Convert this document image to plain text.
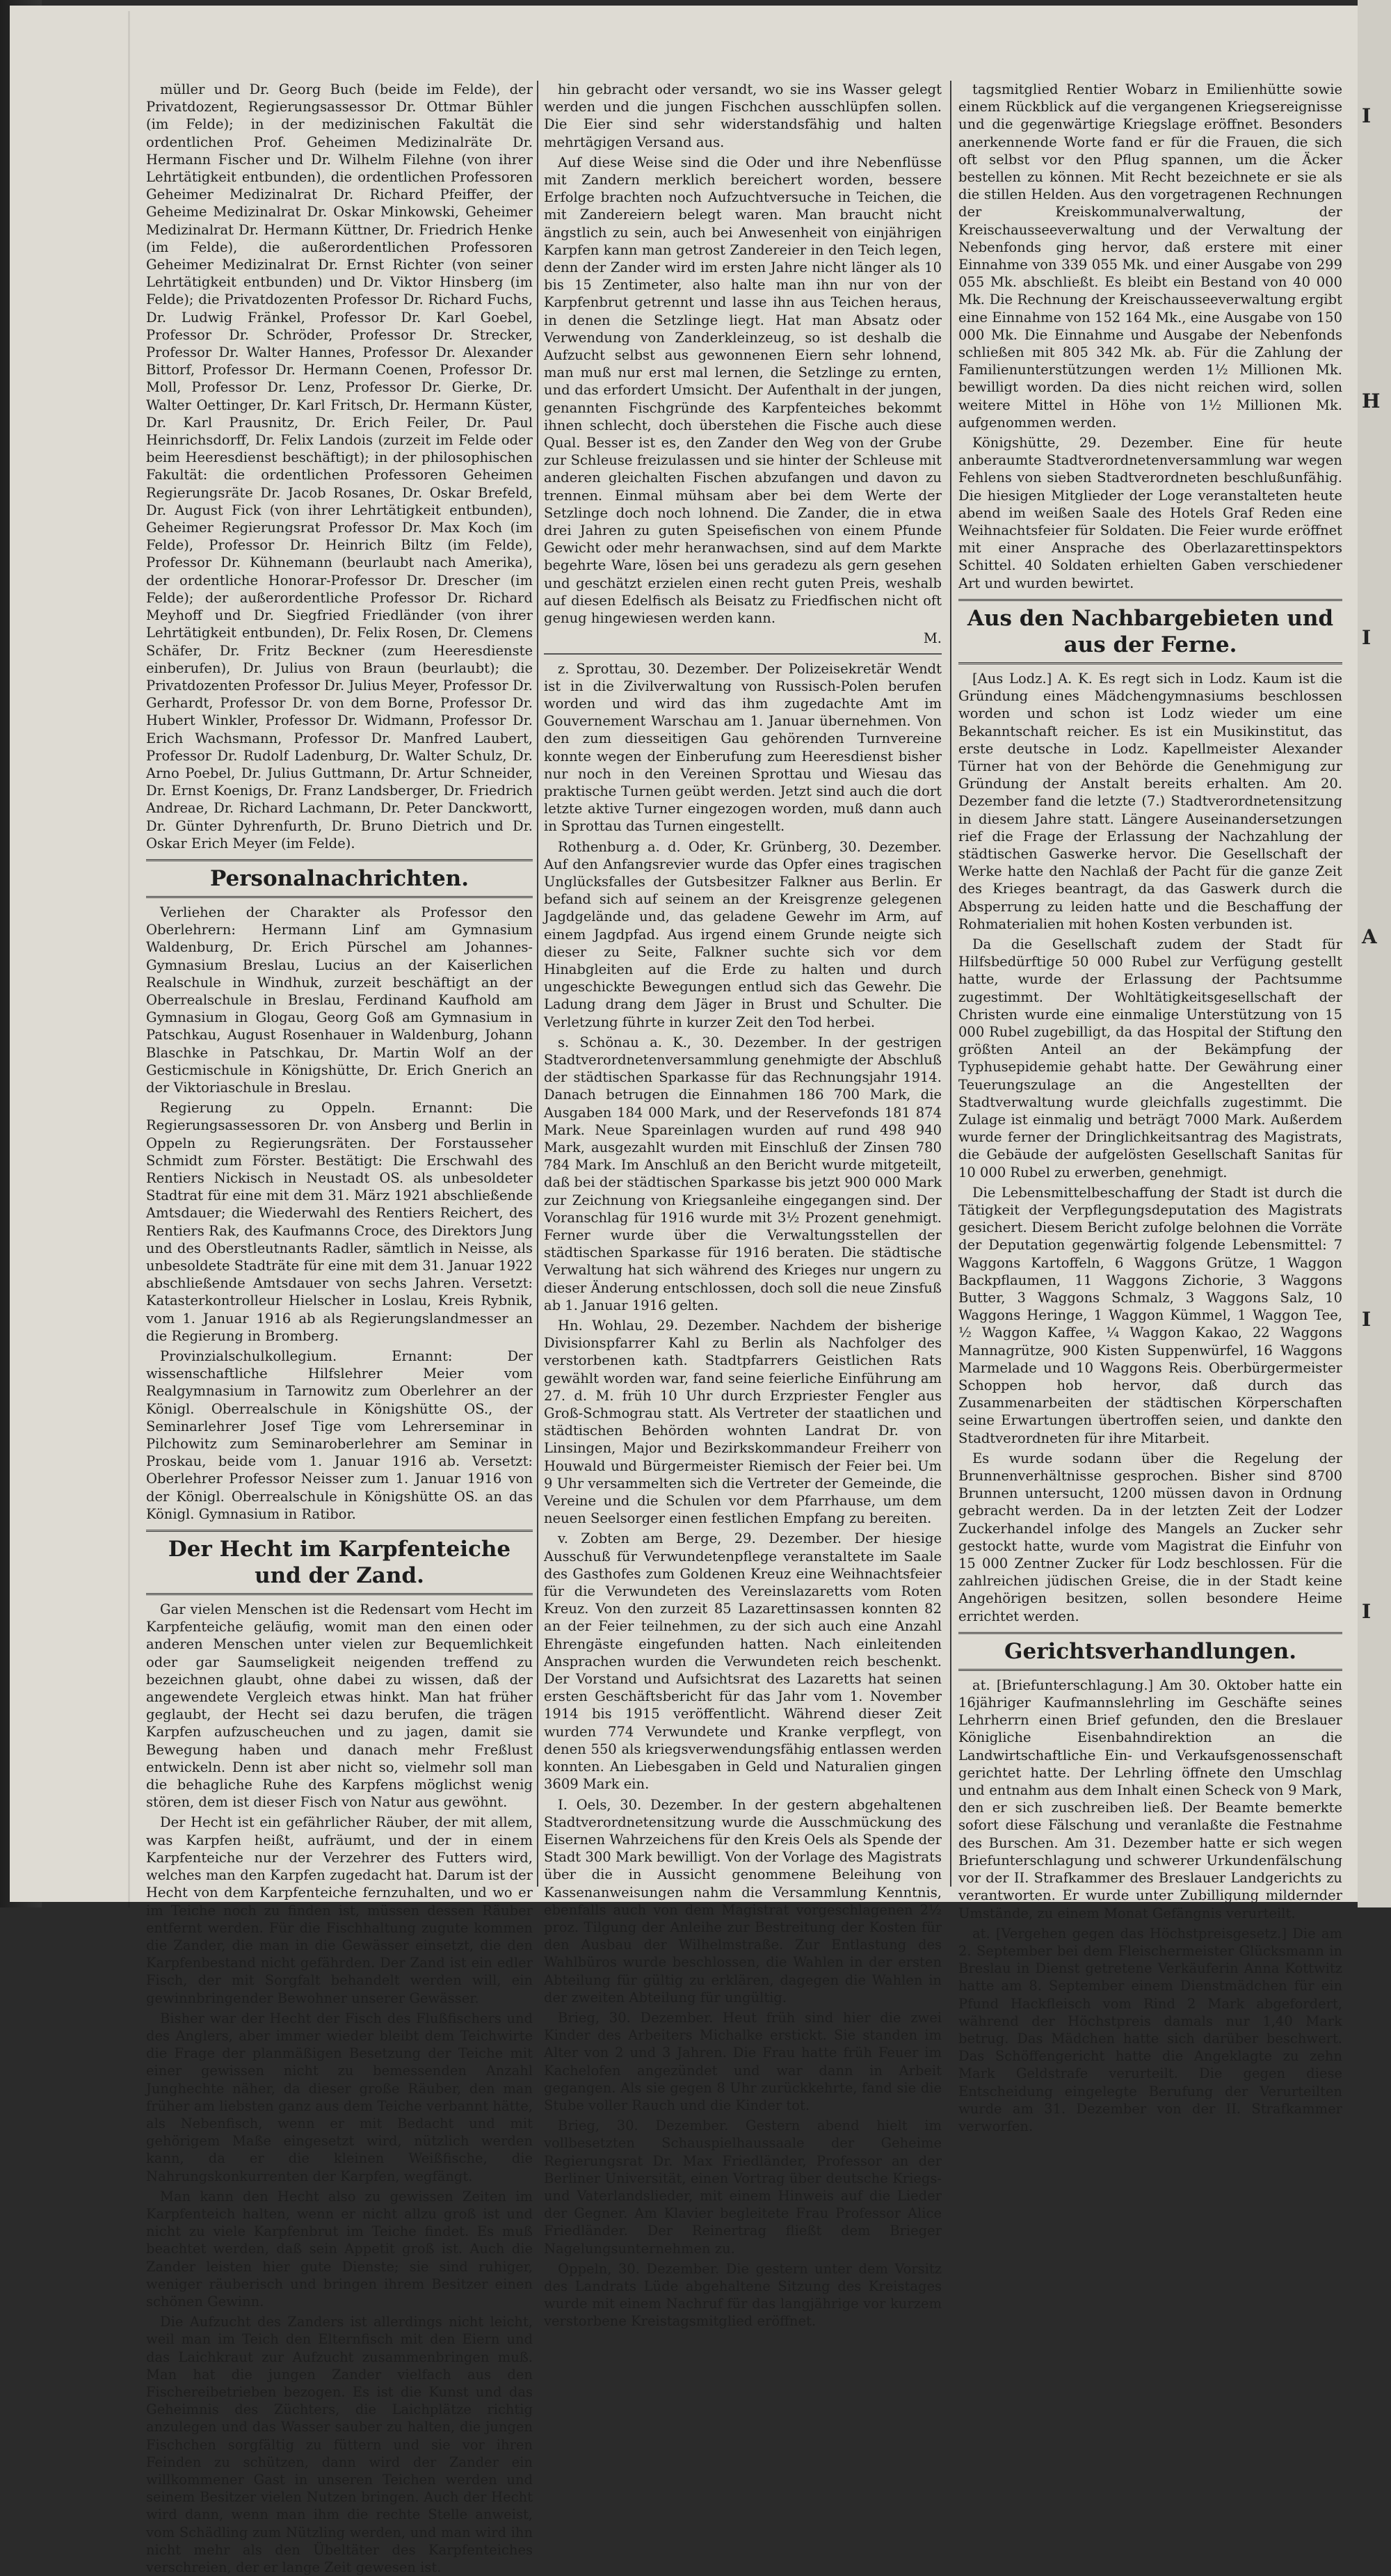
müller und Dr. Georg Buch (beide im Felde), der Privatdozent, Regierungsassessor Dr. Ottmar Bühler (im Felde); in der medizinischen Fakultät die ordentlichen Prof. Geheimen Medizinalräte Dr. Hermann Fischer und Dr. Wilhelm Filehne (von ihrer Lehrtätigkeit entbunden), die ordentlichen Professoren Geheimer Medizinalrat Dr. Richard Pfeiffer, der Geheime Medizinalrat Dr. Oskar Minkowski, Geheimer Medizinalrat Dr. Hermann Küttner, Dr. Friedrich Henke (im Felde), die außerordentlichen Professoren Geheimer Medizinalrat Dr. Ernst Richter (von seiner Lehrtätigkeit entbunden) und Dr. Viktor Hinsberg (im Felde); die Privatdozenten Professor Dr. Richard Fuchs, Dr. Ludwig Fränkel, Professor Dr. Karl Goebel, Professor Dr. Schröder, Professor Dr. Strecker, Professor Dr. Walter Hannes, Professor Dr. Alexander Bittorf, Professor Dr. Hermann Coenen, Professor Dr. Moll, Professor Dr. Lenz, Professor Dr. Gierke, Dr. Walter Oettinger, Dr. Karl Fritsch, Dr. Hermann Küster, Dr. Karl Prausnitz, Dr. Erich Feiler, Dr. Paul Heinrichsdorff, Dr. Felix Landois (zurzeit im Felde oder beim Heeresdienst beschäftigt); in der philosophischen Fakultät: die ordentlichen Professoren Geheimen Regierungsräte Dr. Jacob Rosanes, Dr. Oskar Brefeld, Dr. August Fick (von ihrer Lehrtätigkeit entbunden), Geheimer Regierungsrat Professor Dr. Max Koch (im Felde), Professor Dr. Heinrich Biltz (im Felde), Professor Dr. Kühnemann (beurlaubt nach Amerika), der ordentliche Honorar-Professor Dr. Drescher (im Felde); der außerordentliche Professor Dr. Richard Meyhoff und Dr. Siegfried Friedländer (von ihrer Lehrtätigkeit entbunden), Dr. Felix Rosen, Dr. Clemens Schäfer, Dr. Fritz Beckner (zum Heeresdienste einberufen), Dr. Julius von Braun (beurlaubt); die Privatdozenten Professor Dr. Julius Meyer, Professor Dr. Gerhardt, Professor Dr. von dem Borne, Professor Dr. Hubert Winkler, Professor Dr. Widmann, Professor Dr. Erich Wachsmann, Professor Dr. Manfred Laubert, Professor Dr. Rudolf Ladenburg, Dr. Walter Schulz, Dr. Arno Poebel, Dr. Julius Guttmann, Dr. Artur Schneider, Dr. Ernst Koenigs, Dr. Franz Landsberger, Dr. Friedrich Andreae, Dr. Richard Lachmann, Dr. Peter Danckwortt, Dr. Günter Dyhrenfurth, Dr. Bruno Dietrich und Dr. Oskar Erich Meyer (im Felde).

Personalnachrichten.

Verliehen der Charakter als Professor den Oberlehrern: Hermann Linf am Gymnasium Waldenburg, Dr. Erich Pürschel am Johannes-Gymnasium Breslau, Lucius an der Kaiserlichen Realschule in Windhuk, zurzeit beschäftigt an der Oberrealschule in Breslau, Ferdinand Kaufhold am Gymnasium in Glogau, Georg Goß am Gymnasium in Patschkau, August Rosenhauer in Waldenburg, Johann Blaschke in Patschkau, Dr. Martin Wolf an der Gesticmischule in Königshütte, Dr. Erich Gnerich an der Viktoriaschule in Breslau.

Regierung zu Oppeln. Ernannt: Die Regierungsassessoren Dr. von Ansberg und Berlin in Oppeln zu Regierungsräten. Der Forstausseher Schmidt zum Förster. Bestätigt: Die Erschwahl des Rentiers Nickisch in Neustadt OS. als unbesoldeter Stadtrat für eine mit dem 31. März 1921 abschließende Amtsdauer; die Wiederwahl des Rentiers Reichert, des Rentiers Rak, des Kaufmanns Croce, des Direktors Jung und des Oberstleutnants Radler, sämtlich in Neisse, als unbesoldete Stadträte für eine mit dem 31. Januar 1922 abschließende Amtsdauer von sechs Jahren. Versetzt: Katasterkontrolleur Hielscher in Loslau, Kreis Rybnik, vom 1. Januar 1916 ab als Regierungslandmesser an die Regierung in Bromberg.

Provinzialschulkollegium. Ernannt: Der wissenschaftliche Hilfslehrer Meier vom Realgymnasium in Tarnowitz zum Oberlehrer an der Königl. Oberrealschule in Königshütte OS., der Seminarlehrer Josef Tige vom Lehrerseminar in Pilchowitz zum Seminaroberlehrer am Seminar in Proskau, beide vom 1. Januar 1916 ab. Versetzt: Oberlehrer Professor Neisser zum 1. Januar 1916 von der Königl. Oberrealschule in Königshütte OS. an das Königl. Gymnasium in Ratibor.

Der Hecht im Karpfenteiche und der Zand.

Gar vielen Menschen ist die Redensart vom Hecht im Karpfenteiche geläufig, womit man den einen oder anderen Menschen unter vielen zur Bequemlichkeit oder gar Saumseligkeit neigenden treffend zu bezeichnen glaubt, ohne dabei zu wissen, daß der angewendete Vergleich etwas hinkt. Man hat früher geglaubt, der Hecht sei dazu berufen, die trägen Karpfen aufzuscheuchen und zu jagen, damit sie Bewegung haben und danach mehr Freßlust entwickeln. Denn ist aber nicht so, vielmehr soll man die behagliche Ruhe des Karpfens möglichst wenig stören, dem ist dieser Fisch von Natur aus gewöhnt.

Der Hecht ist ein gefährlicher Räuber, der mit allem, was Karpfen heißt, aufräumt, und der in einem Karpfenteiche nur der Verzehrer des Futters wird, welches man den Karpfen zugedacht hat. Darum ist der Hecht von dem Karpfenteiche fernzuhalten, und wo er im Teiche noch zu finden ist, müssen dessen Räuber entfernt werden. Für die Fischhaltung zugute kommen die Zander, die man in die Gewässer einsetzt, die den Karpfenbestand nicht gefährden. Der Zand ist ein edler Fisch, der mit Sorgfalt behandelt werden will, ein gewinnbringender Bewohner unserer Gewässer.

Bisher war der Hecht der Fisch des Flußfischers und des Anglers, aber immer wieder bleibt dem Teichwirte die Frage der planmäßigen Besetzung der Teiche mit einer gewissen nicht zu bemessenden Anzahl Junghechte näher, da dieser große Räuber, den man früher am liebsten ganz aus dem Teiche verbannt hätte, als Nebenfisch, wenn er mit Bedacht und mit gehörigem Maße eingesetzt wird, nützlich werden kann, da er die kleinen Weißfische, die Nahrungskonkurrenten der Karpfen, wegfängt.

Man kann den Hecht also zu gewissen Zeiten im Karpfenteich halten, wenn er nicht allzu groß ist und nicht zu viele Karpfenbrut im Teiche findet. Es muß beachtet werden, daß sein Appetit groß ist. Auch die Zander leisten hier gute Dienste; sie sind ruhiger, weniger räuberisch und bringen ihrem Besitzer einen schönen Gewinn.

Die Aufzucht des Zanders ist allerdings nicht leicht, weil man im Teich den Elternfisch mit den Eiern und das Laichkraut zur Aufzucht zusammenbringen muß. Man hat die jungen Zander vielfach aus den Fischereibetrieben bezogen. Es ist die Kunst und das Geheimnis des Züchters, die Laichplätze richtig anzulegen und das Wasser sauber zu halten, die jungen Fischchen sorgfältig zu füttern und sie vor ihren Feinden zu schützen, dann wird der Zander ein willkommener Gast in unseren Teichen werden und seinem Besitzer vielen Nutzen bringen. Auch der Hecht wird dann, wenn man ihm die rechte Stelle anweist, vom Schädling zum Nützling werden, und man wird ihn nicht mehr als den Übeltäter des Karpfenteiches verschreien, der er lange Zeit gewesen ist.

hin gebracht oder versandt, wo sie ins Wasser gelegt werden und die jungen Fischchen ausschlüpfen sollen. Die Eier sind sehr widerstandsfähig und halten mehrtägigen Versand aus.

Auf diese Weise sind die Oder und ihre Nebenflüsse mit Zandern merklich bereichert worden, bessere Erfolge brachten noch Aufzuchtversuche in Teichen, die mit Zandereiern belegt waren. Man braucht nicht ängstlich zu sein, auch bei Anwesenheit von einjährigen Karpfen kann man getrost Zandereier in den Teich legen, denn der Zander wird im ersten Jahre nicht länger als 10 bis 15 Zentimeter, also halte man ihn nur von der Karpfenbrut getrennt und lasse ihn aus Teichen heraus, in denen die Setzlinge liegt. Hat man Absatz oder Verwendung von Zanderkleinzeug, so ist deshalb die Aufzucht selbst aus gewonnenen Eiern sehr lohnend, man muß nur erst mal lernen, die Setzlinge zu ernten, und das erfordert Umsicht. Der Aufenthalt in der jungen, genannten Fischgründe des Karpfenteiches bekommt ihnen schlecht, doch überstehen die Fische auch diese Qual. Besser ist es, den Zander den Weg von der Grube zur Schleuse freizulassen und sie hinter der Schleuse mit anderen gleichalten Fischen abzufangen und davon zu trennen. Einmal mühsam aber bei dem Werte der Setzlinge doch noch lohnend. Die Zander, die in etwa drei Jahren zu guten Speisefischen von einem Pfunde Gewicht oder mehr heranwachsen, sind auf dem Markte begehrte Ware, lösen bei uns geradezu als gern gesehen und geschätzt erzielen einen recht guten Preis, weshalb auf diesen Edelfisch als Beisatz zu Friedfischen nicht oft genug hingewiesen werden kann.

M.

z. Sprottau, 30. Dezember. Der Polizeisekretär Wendt ist in die Zivilverwaltung von Russisch-Polen berufen worden und wird das ihm zugedachte Amt im Gouvernement Warschau am 1. Januar übernehmen. Von den zum diesseitigen Gau gehörenden Turnvereine konnte wegen der Einberufung zum Heeresdienst bisher nur noch in den Vereinen Sprottau und Wiesau das praktische Turnen geübt werden. Jetzt sind auch die dort letzte aktive Turner eingezogen worden, muß dann auch in Sprottau das Turnen eingestellt.

Rothenburg a. d. Oder, Kr. Grünberg, 30. Dezember. Auf den Anfangsrevier wurde das Opfer eines tragischen Unglücksfalles der Gutsbesitzer Falkner aus Berlin. Er befand sich auf seinem an der Kreisgrenze gelegenen Jagdgelände und, das geladene Gewehr im Arm, auf einem Jagdpfad. Aus irgend einem Grunde neigte sich dieser zu Seite, Falkner suchte sich vor dem Hinabgleiten auf die Erde zu halten und durch ungeschickte Bewegungen entlud sich das Gewehr. Die Ladung drang dem Jäger in Brust und Schulter. Die Verletzung führte in kurzer Zeit den Tod herbei.

s. Schönau a. K., 30. Dezember. In der gestrigen Stadtverordnetenversammlung genehmigte der Abschluß der städtischen Sparkasse für das Rechnungsjahr 1914. Danach betrugen die Einnahmen 186 700 Mark, die Ausgaben 184 000 Mark, und der Reservefonds 181 874 Mark. Neue Spareinlagen wurden auf rund 498 940 Mark, ausgezahlt wurden mit Einschluß der Zinsen 780 784 Mark. Im Anschluß an den Bericht wurde mitgeteilt, daß bei der städtischen Sparkasse bis jetzt 900 000 Mark zur Zeichnung von Kriegsanleihe eingegangen sind. Der Voranschlag für 1916 wurde mit 3½ Prozent genehmigt. Ferner wurde über die Verwaltungsstellen der städtischen Sparkasse für 1916 beraten. Die städtische Verwaltung hat sich während des Krieges nur ungern zu dieser Änderung entschlossen, doch soll die neue Zinsfuß ab 1. Januar 1916 gelten.

Hn. Wohlau, 29. Dezember. Nachdem der bisherige Divisionspfarrer Kahl zu Berlin als Nachfolger des verstorbenen kath. Stadtpfarrers Geistlichen Rats gewählt worden war, fand seine feierliche Einführung am 27. d. M. früh 10 Uhr durch Erzpriester Fengler aus Groß-Schmograu statt. Als Vertreter der staatlichen und städtischen Behörden wohnten Landrat Dr. von Linsingen, Major und Bezirkskommandeur Freiherr von Houwald und Bürgermeister Riemisch der Feier bei. Um 9 Uhr versammelten sich die Vertreter der Gemeinde, die Vereine und die Schulen vor dem Pfarrhause, um dem neuen Seelsorger einen festlichen Empfang zu bereiten.

v. Zobten am Berge, 29. Dezember. Der hiesige Ausschuß für Verwundetenpflege veranstaltete im Saale des Gasthofes zum Goldenen Kreuz eine Weihnachtsfeier für die Verwundeten des Vereinslazaretts vom Roten Kreuz. Von den zurzeit 85 Lazarettinsassen konnten 82 an der Feier teilnehmen, zu der sich auch eine Anzahl Ehrengäste eingefunden hatten. Nach einleitenden Ansprachen wurden die Verwundeten reich beschenkt. Der Vorstand und Aufsichtsrat des Lazaretts hat seinen ersten Geschäftsbericht für das Jahr vom 1. November 1914 bis 1915 veröffentlicht. Während dieser Zeit wurden 774 Verwundete und Kranke verpflegt, von denen 550 als kriegsverwendungsfähig entlassen werden konnten. An Liebesgaben in Geld und Naturalien gingen 3609 Mark ein.

I. Oels, 30. Dezember. In der gestern abgehaltenen Stadtverordnetensitzung wurde die Ausschmückung des Eisernen Wahrzeichens für den Kreis Oels als Spende der Stadt 300 Mark bewilligt. Von der Vorlage des Magistrats über die in Aussicht genommene Beleihung von Kassenanweisungen nahm die Versammlung Kenntnis, ebenfalls auch von dem Magistrat vorgeschlagenen 2½ proz. Tilgung der Anleihe zur Bestreitung der Kosten für den Ausbau der Wilhelmstraße. Zur Entlastung des Wahlbüros wurde beschlossen, die Wahlen in der ersten Abteilung für gültig zu erklären, dagegen die Wahlen in der zweiten Abteilung für ungültig.

Brieg, 30. Dezember. Heut früh sind hier die zwei Kinder des Arbeiters Michalke erstickt. Sie standen im Alter von 2 und 3 Jahren. Die Frau hatte früh Feuer im Kachelofen angezündet und war dann in Arbeit gegangen. Als sie gegen 8 Uhr zurückkehrte, fand sie die Stube voller Rauch und die Kinder tot.

Brieg, 30. Dezember. Gestern abend hielt im vollbesetzten Schauspielhaussaale der Geheime Regierungsrat Dr. Max Friedländer, Professor an der Berliner Universität, einen Vortrag über deutsche Kriegs- und Vaterlandslieder, mit einem Hinweis auf die Lieder der Gegner. Am Klavier begleitete Frau Professor Alice Friedländer. Der Reinertrag fließt dem Brieger Nagelungsunternehmen zu.

Oppeln, 30. Dezember. Die gestern unter dem Vorsitz des Landrats Lüde abgehaltene Sitzung des Kreistages wurde mit einem Nachruf für das langjährige vor kurzem verstorbene Kreistagsmitglied eröffnet.

tagsmitglied Rentier Wobarz in Emilienhütte sowie einem Rückblick auf die vergangenen Kriegsereignisse und die gegenwärtige Kriegslage eröffnet. Besonders anerkennende Worte fand er für die Frauen, die sich oft selbst vor den Pflug spannen, um die Äcker bestellen zu können. Mit Recht bezeichnete er sie als die stillen Helden. Aus den vorgetragenen Rechnungen der Kreiskommunalverwaltung, der Kreischausseeverwaltung und der Verwaltung der Nebenfonds ging hervor, daß erstere mit einer Einnahme von 339 055 Mk. und einer Ausgabe von 299 055 Mk. abschließt. Es bleibt ein Bestand von 40 000 Mk. Die Rechnung der Kreischausseeverwaltung ergibt eine Einnahme von 152 164 Mk., eine Ausgabe von 150 000 Mk. Die Einnahme und Ausgabe der Nebenfonds schließen mit 805 342 Mk. ab. Für die Zahlung der Familienunterstützungen werden 1½ Millionen Mk. bewilligt worden. Da dies nicht reichen wird, sollen weitere Mittel in Höhe von 1½ Millionen Mk. aufgenommen werden.

Königshütte, 29. Dezember. Eine für heute anberaumte Stadtverordnetenversammlung war wegen Fehlens von sieben Stadtverordneten beschlußunfähig. Die hiesigen Mitglieder der Loge veranstalteten heute abend im weißen Saale des Hotels Graf Reden eine Weihnachtsfeier für Soldaten. Die Feier wurde eröffnet mit einer Ansprache des Oberlazarettinspektors Schittel. 40 Soldaten erhielten Gaben verschiedener Art und wurden bewirtet.

Aus den Nachbargebieten und aus der Ferne.

[Aus Lodz.] A. K. Es regt sich in Lodz. Kaum ist die Gründung eines Mädchengymnasiums beschlossen worden und schon ist Lodz wieder um eine Bekanntschaft reicher. Es ist ein Musikinstitut, das erste deutsche in Lodz. Kapellmeister Alexander Türner hat von der Behörde die Genehmigung zur Gründung der Anstalt bereits erhalten. Am 20. Dezember fand die letzte (7.) Stadtverordnetensitzung in diesem Jahre statt. Längere Auseinandersetzungen rief die Frage der Erlassung der Nachzahlung der städtischen Gaswerke hervor. Die Gesellschaft der Werke hatte den Nachlaß der Pacht für die ganze Zeit des Krieges beantragt, da das Gaswerk durch die Absperrung zu leiden hatte und die Beschaffung der Rohmaterialien mit hohen Kosten verbunden ist.

Da die Gesellschaft zudem der Stadt für Hilfsbedürftige 50 000 Rubel zur Verfügung gestellt hatte, wurde der Erlassung der Pachtsumme zugestimmt. Der Wohltätigkeitsgesellschaft der Christen wurde eine einmalige Unterstützung von 15 000 Rubel zugebilligt, da das Hospital der Stiftung den größten Anteil an der Bekämpfung der Typhusepidemie gehabt hatte. Der Gewährung einer Teuerungszulage an die Angestellten der Stadtverwaltung wurde gleichfalls zugestimmt. Die Zulage ist einmalig und beträgt 7000 Mark. Außerdem wurde ferner der Dringlichkeitsantrag des Magistrats, die Gebäude der aufgelösten Gesellschaft Sanitas für 10 000 Rubel zu erwerben, genehmigt.

Die Lebensmittelbeschaffung der Stadt ist durch die Tätigkeit der Verpflegungsdeputation des Magistrats gesichert. Diesem Bericht zufolge belohnen die Vorräte der Deputation gegenwärtig folgende Lebensmittel: 7 Waggons Kartoffeln, 6 Waggons Grütze, 1 Waggon Backpflaumen, 11 Waggons Zichorie, 3 Waggons Butter, 3 Waggons Schmalz, 3 Waggons Salz, 10 Waggons Heringe, 1 Waggon Kümmel, 1 Waggon Tee, ½ Waggon Kaffee, ¼ Waggon Kakao, 22 Waggons Mannagrütze, 900 Kisten Suppenwürfel, 16 Waggons Marmelade und 10 Waggons Reis. Oberbürgermeister Schoppen hob hervor, daß durch das Zusammenarbeiten der städtischen Körperschaften seine Erwartungen übertroffen seien, und dankte den Stadtverordneten für ihre Mitarbeit.

Es wurde sodann über die Regelung der Brunnenverhältnisse gesprochen. Bisher sind 8700 Brunnen untersucht, 1200 müssen davon in Ordnung gebracht werden. Da in der letzten Zeit der Lodzer Zuckerhandel infolge des Mangels an Zucker sehr gestockt hatte, wurde vom Magistrat die Einfuhr von 15 000 Zentner Zucker für Lodz beschlossen. Für die zahlreichen jüdischen Greise, die in der Stadt keine Angehörigen besitzen, sollen besondere Heime errichtet werden.

Gerichtsverhandlungen.

at. [Briefunterschlagung.] Am 30. Oktober hatte ein 16jähriger Kaufmannslehrling im Geschäfte seines Lehrherrn einen Brief gefunden, den die Breslauer Königliche Eisenbahndirektion an die Landwirtschaftliche Ein- und Verkaufsgenossenschaft gerichtet hatte. Der Lehrling öffnete den Umschlag und entnahm aus dem Inhalt einen Scheck von 9 Mark, den er sich zuschreiben ließ. Der Beamte bemerkte sofort diese Fälschung und veranlaßte die Festnahme des Burschen. Am 31. Dezember hatte er sich wegen Briefunterschlagung und schwerer Urkundenfälschung vor der II. Strafkammer des Breslauer Landgerichts zu verantworten. Er wurde unter Zubilligung mildernder Umstände, zu einem Monat Gefängnis verurteilt.

at. [Vergehen gegen das Höchstpreisgesetz.] Die am 2. September bei dem Fleischermeister Glücksmann in Breslau in Dienst getretene Verkäuferin Anna Kottwitz hatte am 8. September einem Dienstmädchen für ein Pfund Hackfleisch vom Rind 2 Mark abgefordert, während der Höchstpreis damals nur 1,40 Mark betrug. Das Mädchen hatte sich darüber beschwert. Das Schöffengericht hatte die Angeklagte zu zehn Mark Geldstrafe verurteilt. Die gegen diese Entscheidung eingelegte Berufung der Verurteilten wurde am 31. Dezember von der II. Strafkammer verworfen.

I
H
I
A
I
I
